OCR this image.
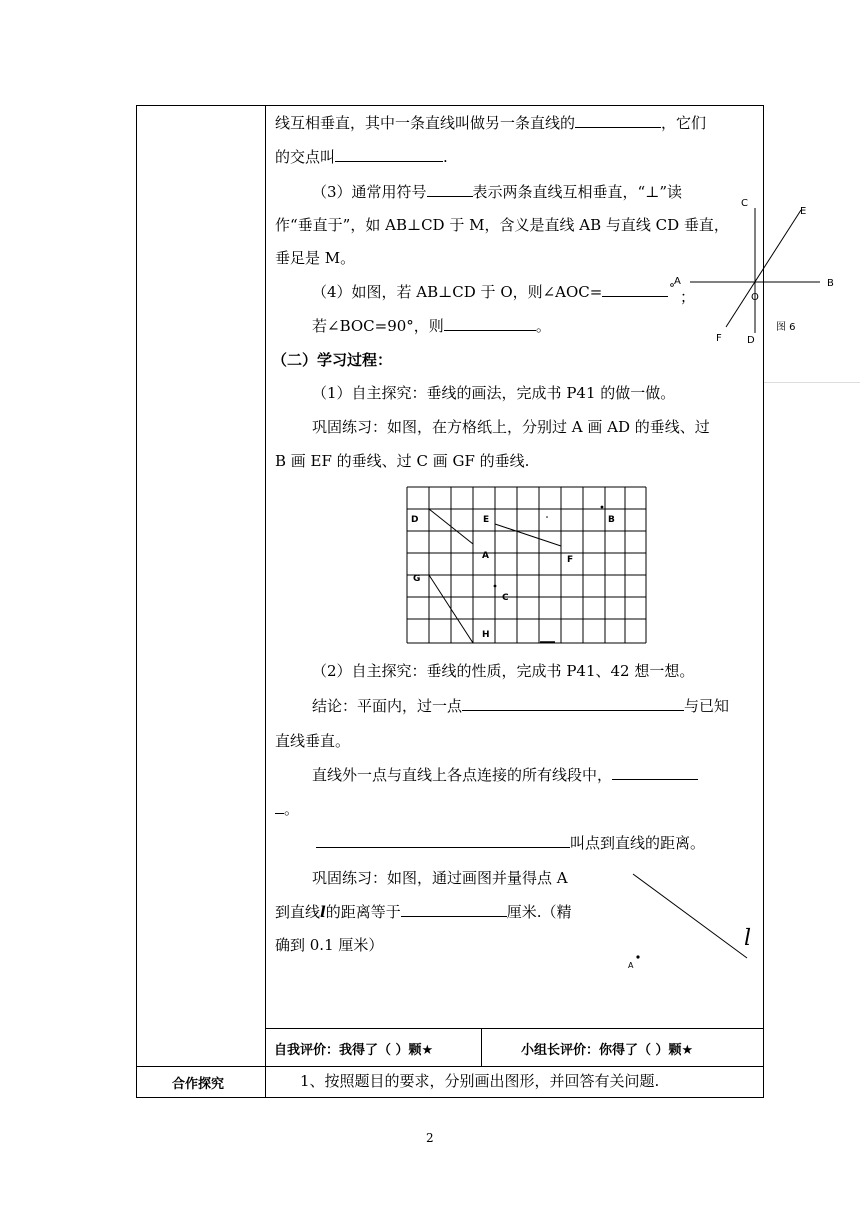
线互相垂直，其中一条直线叫做另一条直线的	，它们
的交点叫	.
（3）通常用符号	表示两条直线互相垂直，“⊥”读
作“垂直于”，如 AB⊥CD 于 M，含义是直线 AB 与直线 CD 垂直，
垂足是 M。
（4）如图，若 AB⊥CD 于 O，则∠AOC=	；
若∠BOC=90°，则	。
（二）学习过程：
（1）自主探究：垂线的画法，完成书 P41 的做一做。
巩固练习：如图，在方格纸上，分别过 A 画 AD 的垂线、过
B 画 EF 的垂线、过 C 画 GF 的垂线.
（2）自主探究：垂线的性质，完成书 P41、42 想一想。
结论：平面内，过一点	与已知
直线垂直。
直线外一点与直线上各点连接的所有线段中，
。
叫点到直线的距离。
巩固练习：如图，通过画图并量得点 A
到直线l的距离等于	厘米.（精
确到 0.1 厘米）
A	B
C
D
E
F
O
图 6
D	E	B
A	F
G
C
H
l
A
自我评价：我得了（ ）颗★	小组长评价：你得了（ ）颗★
合作探究	1、按照题目的要求，分别画出图形，并回答有关问题.
2
